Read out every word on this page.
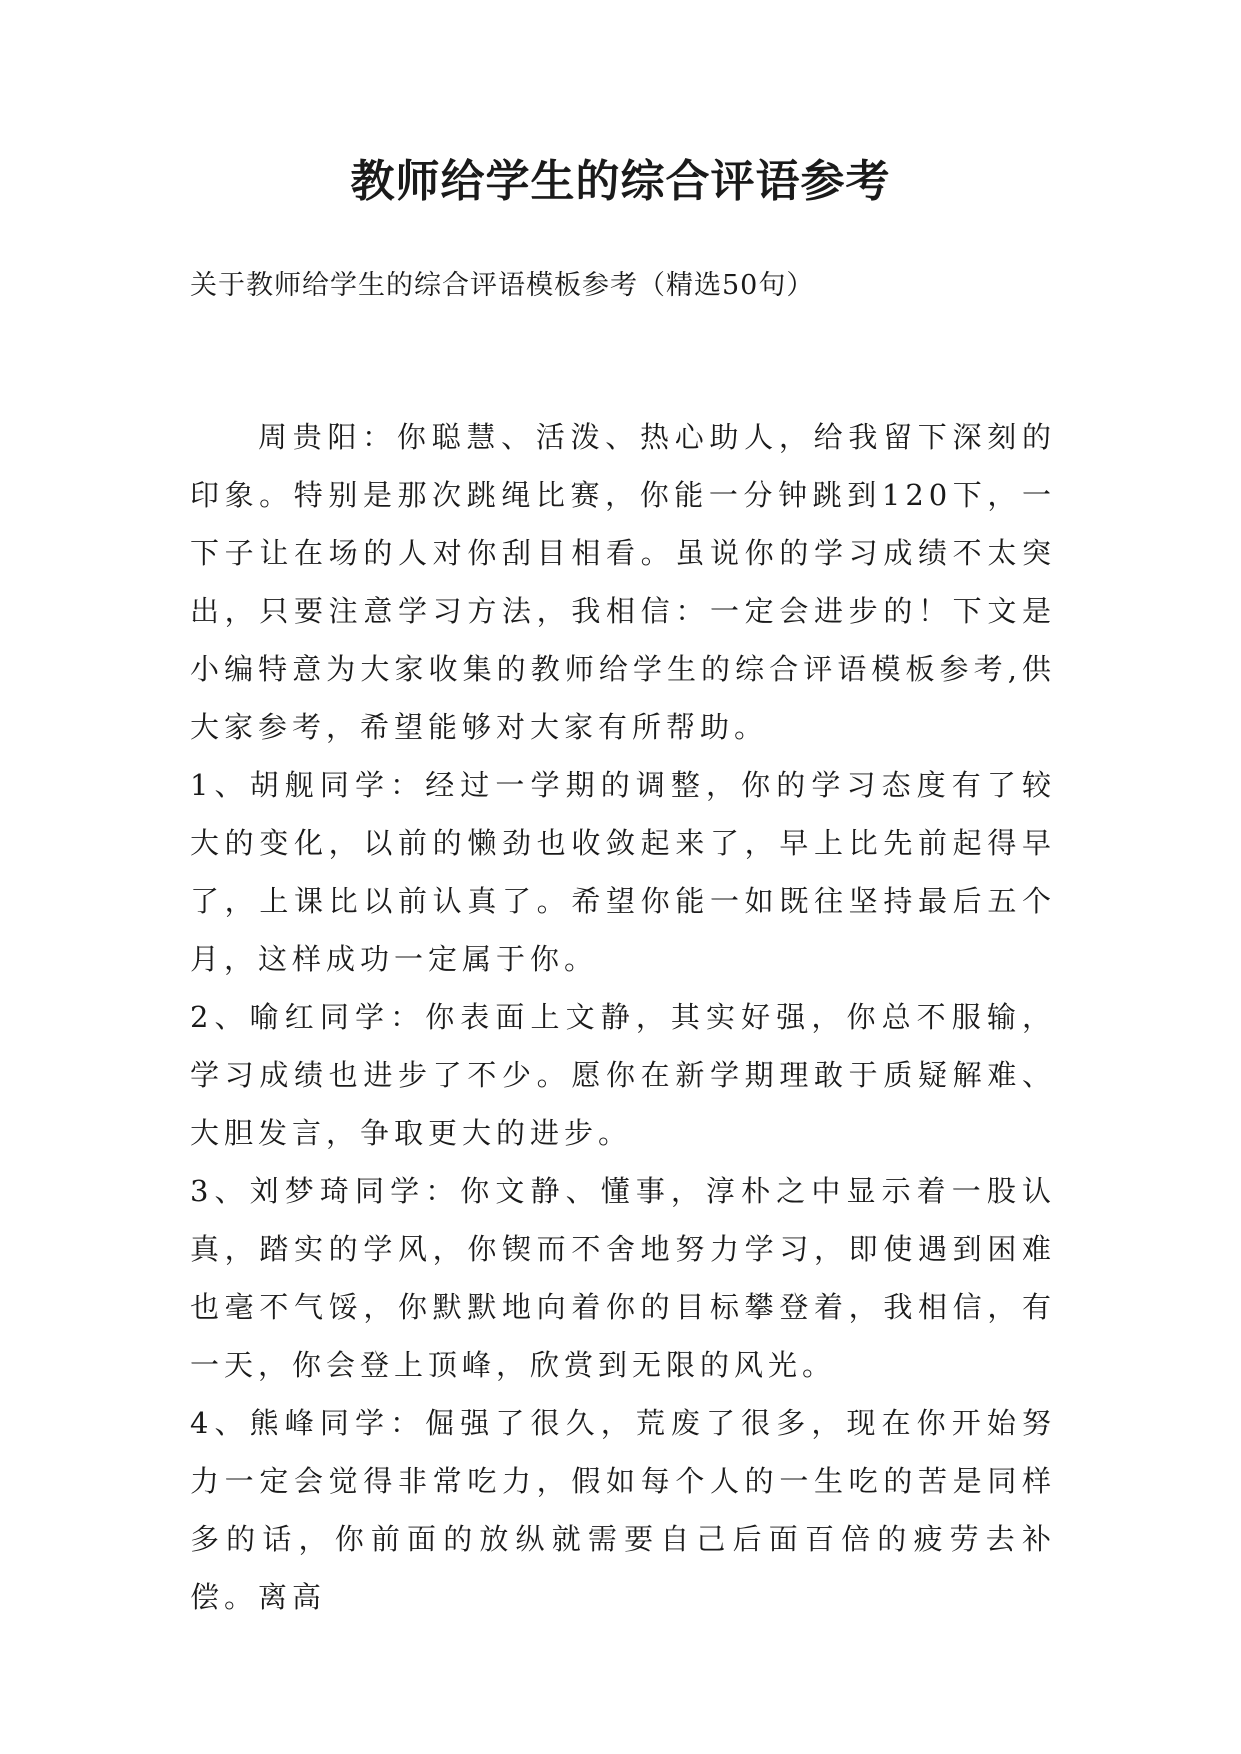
教师给学生的综合评语参考

关于教师给学生的综合评语模板参考（精选50句）

周贵阳：你聪慧、活泼、热心助人，给我留下深刻的印象。特别是那次跳绳比赛，你能一分钟跳到120下，一下子让在场的人对你刮目相看。虽说你的学习成绩不太突出，只要注意学习方法，我相信：一定会进步的！下文是小编特意为大家收集的教师给学生的综合评语模板参考,供大家参考，希望能够对大家有所帮助。

1、胡舰同学：经过一学期的调整，你的学习态度有了较大的变化，以前的懒劲也收敛起来了，早上比先前起得早了，上课比以前认真了。希望你能一如既往坚持最后五个月，这样成功一定属于你。

2、喻红同学：你表面上文静，其实好强，你总不服输，学习成绩也进步了不少。愿你在新学期理敢于质疑解难、大胆发言，争取更大的进步。

3、刘梦琦同学：你文静、懂事，淳朴之中显示着一股认真，踏实的学风，你锲而不舍地努力学习，即使遇到困难也毫不气馁，你默默地向着你的目标攀登着，我相信，有一天，你会登上顶峰，欣赏到无限的风光。

4、熊峰同学：倔强了很久，荒废了很多，现在你开始努力一定会觉得非常吃力，假如每个人的一生吃的苦是同样多的话，你前面的放纵就需要自己后面百倍的疲劳去补偿。离高
